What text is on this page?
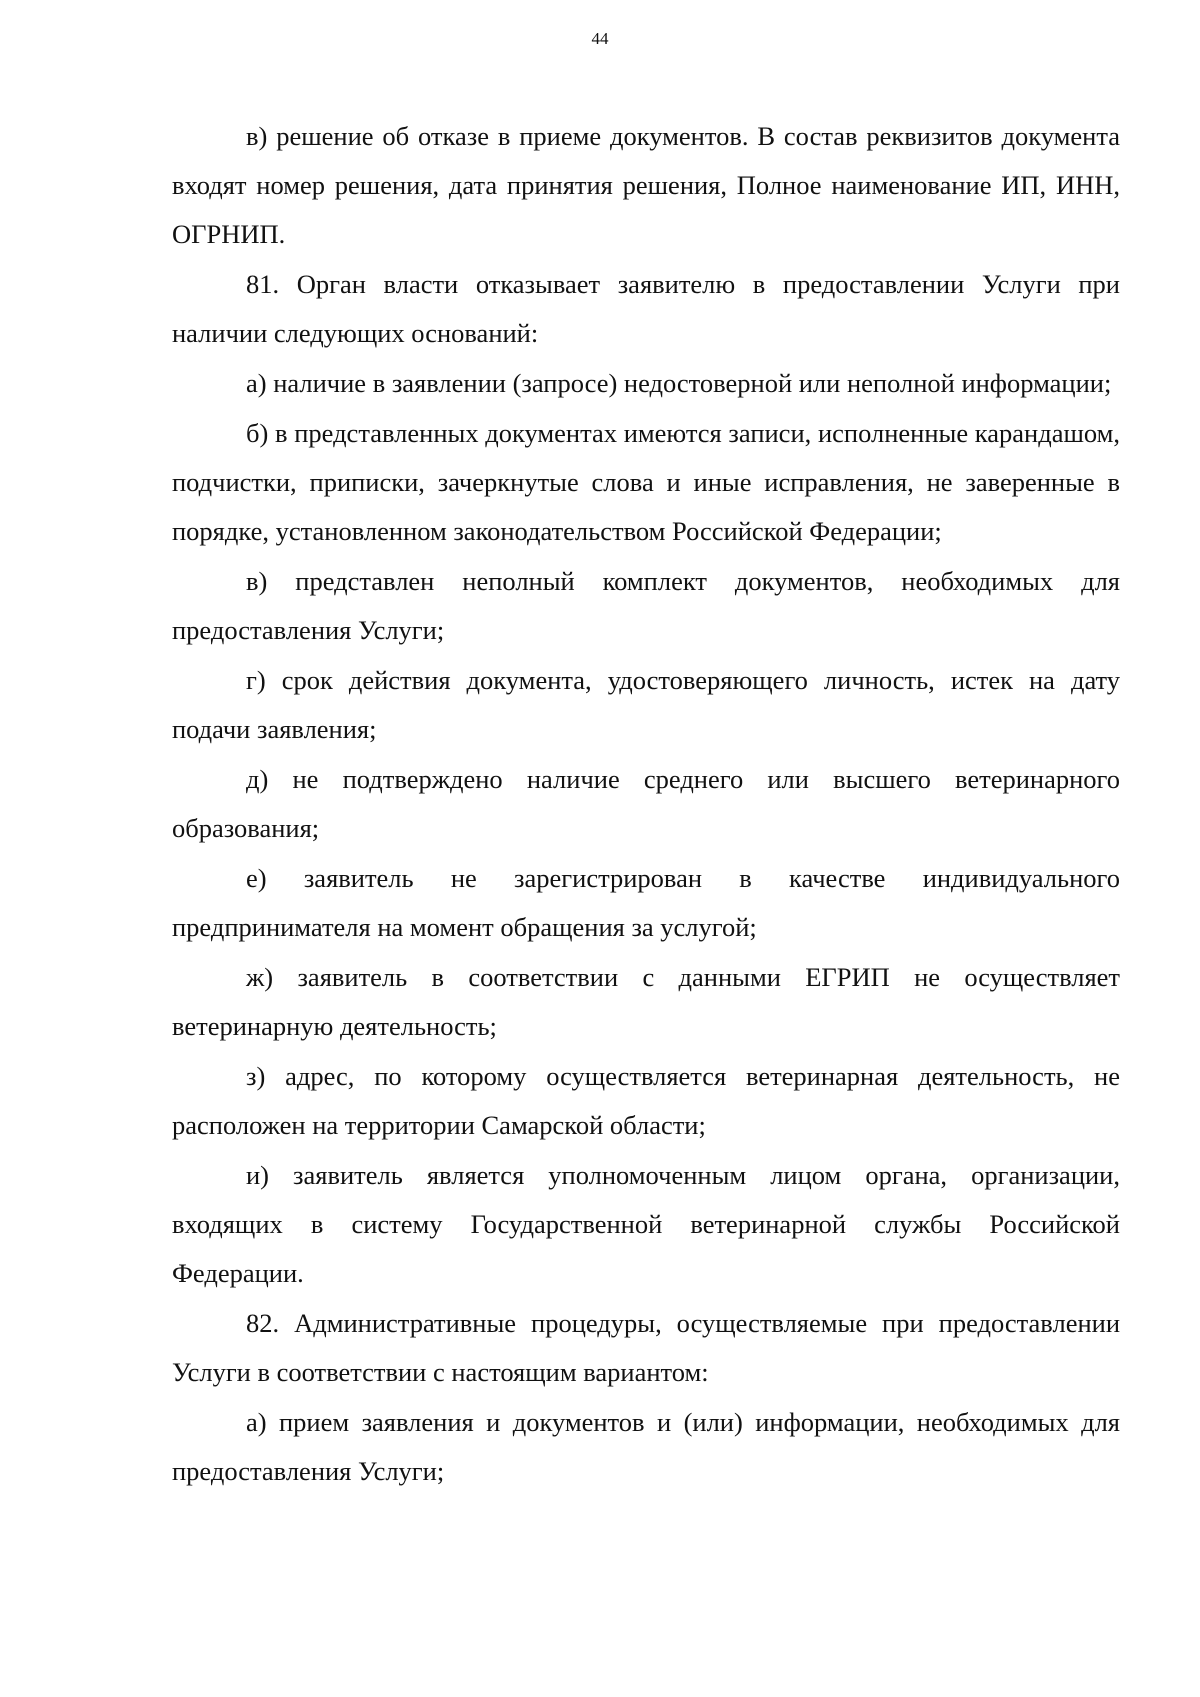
44

в) решение об отказе в приеме документов. В состав реквизитов документа входят номер решения, дата принятия решения, Полное наименование ИП, ИНН, ОГРНИП.

81. Орган власти отказывает заявителю в предоставлении Услуги при наличии следующих оснований:

а) наличие в заявлении (запросе) недостоверной или неполной информации;

б) в представленных документах имеются записи, исполненные карандашом, подчистки, приписки, зачеркнутые слова и иные исправления, не заверенные в порядке, установленном законодательством Российской Федерации;

в) представлен неполный комплект документов, необходимых для предоставления Услуги;

г) срок действия документа, удостоверяющего личность, истек на дату подачи заявления;

д) не подтверждено наличие среднего или высшего ветеринарного образования;

е) заявитель не зарегистрирован в качестве индивидуального предпринимателя на момент обращения за услугой;

ж) заявитель в соответствии с данными ЕГРИП не осуществляет ветеринарную деятельность;

з) адрес, по которому осуществляется ветеринарная деятельность, не расположен на территории Самарской области;

и) заявитель является уполномоченным лицом органа, организации, входящих в систему Государственной ветеринарной службы Российской Федерации.

82. Административные процедуры, осуществляемые при предоставлении Услуги в соответствии с настоящим вариантом:

а) прием заявления и документов и (или) информации, необходимых для предоставления Услуги;
